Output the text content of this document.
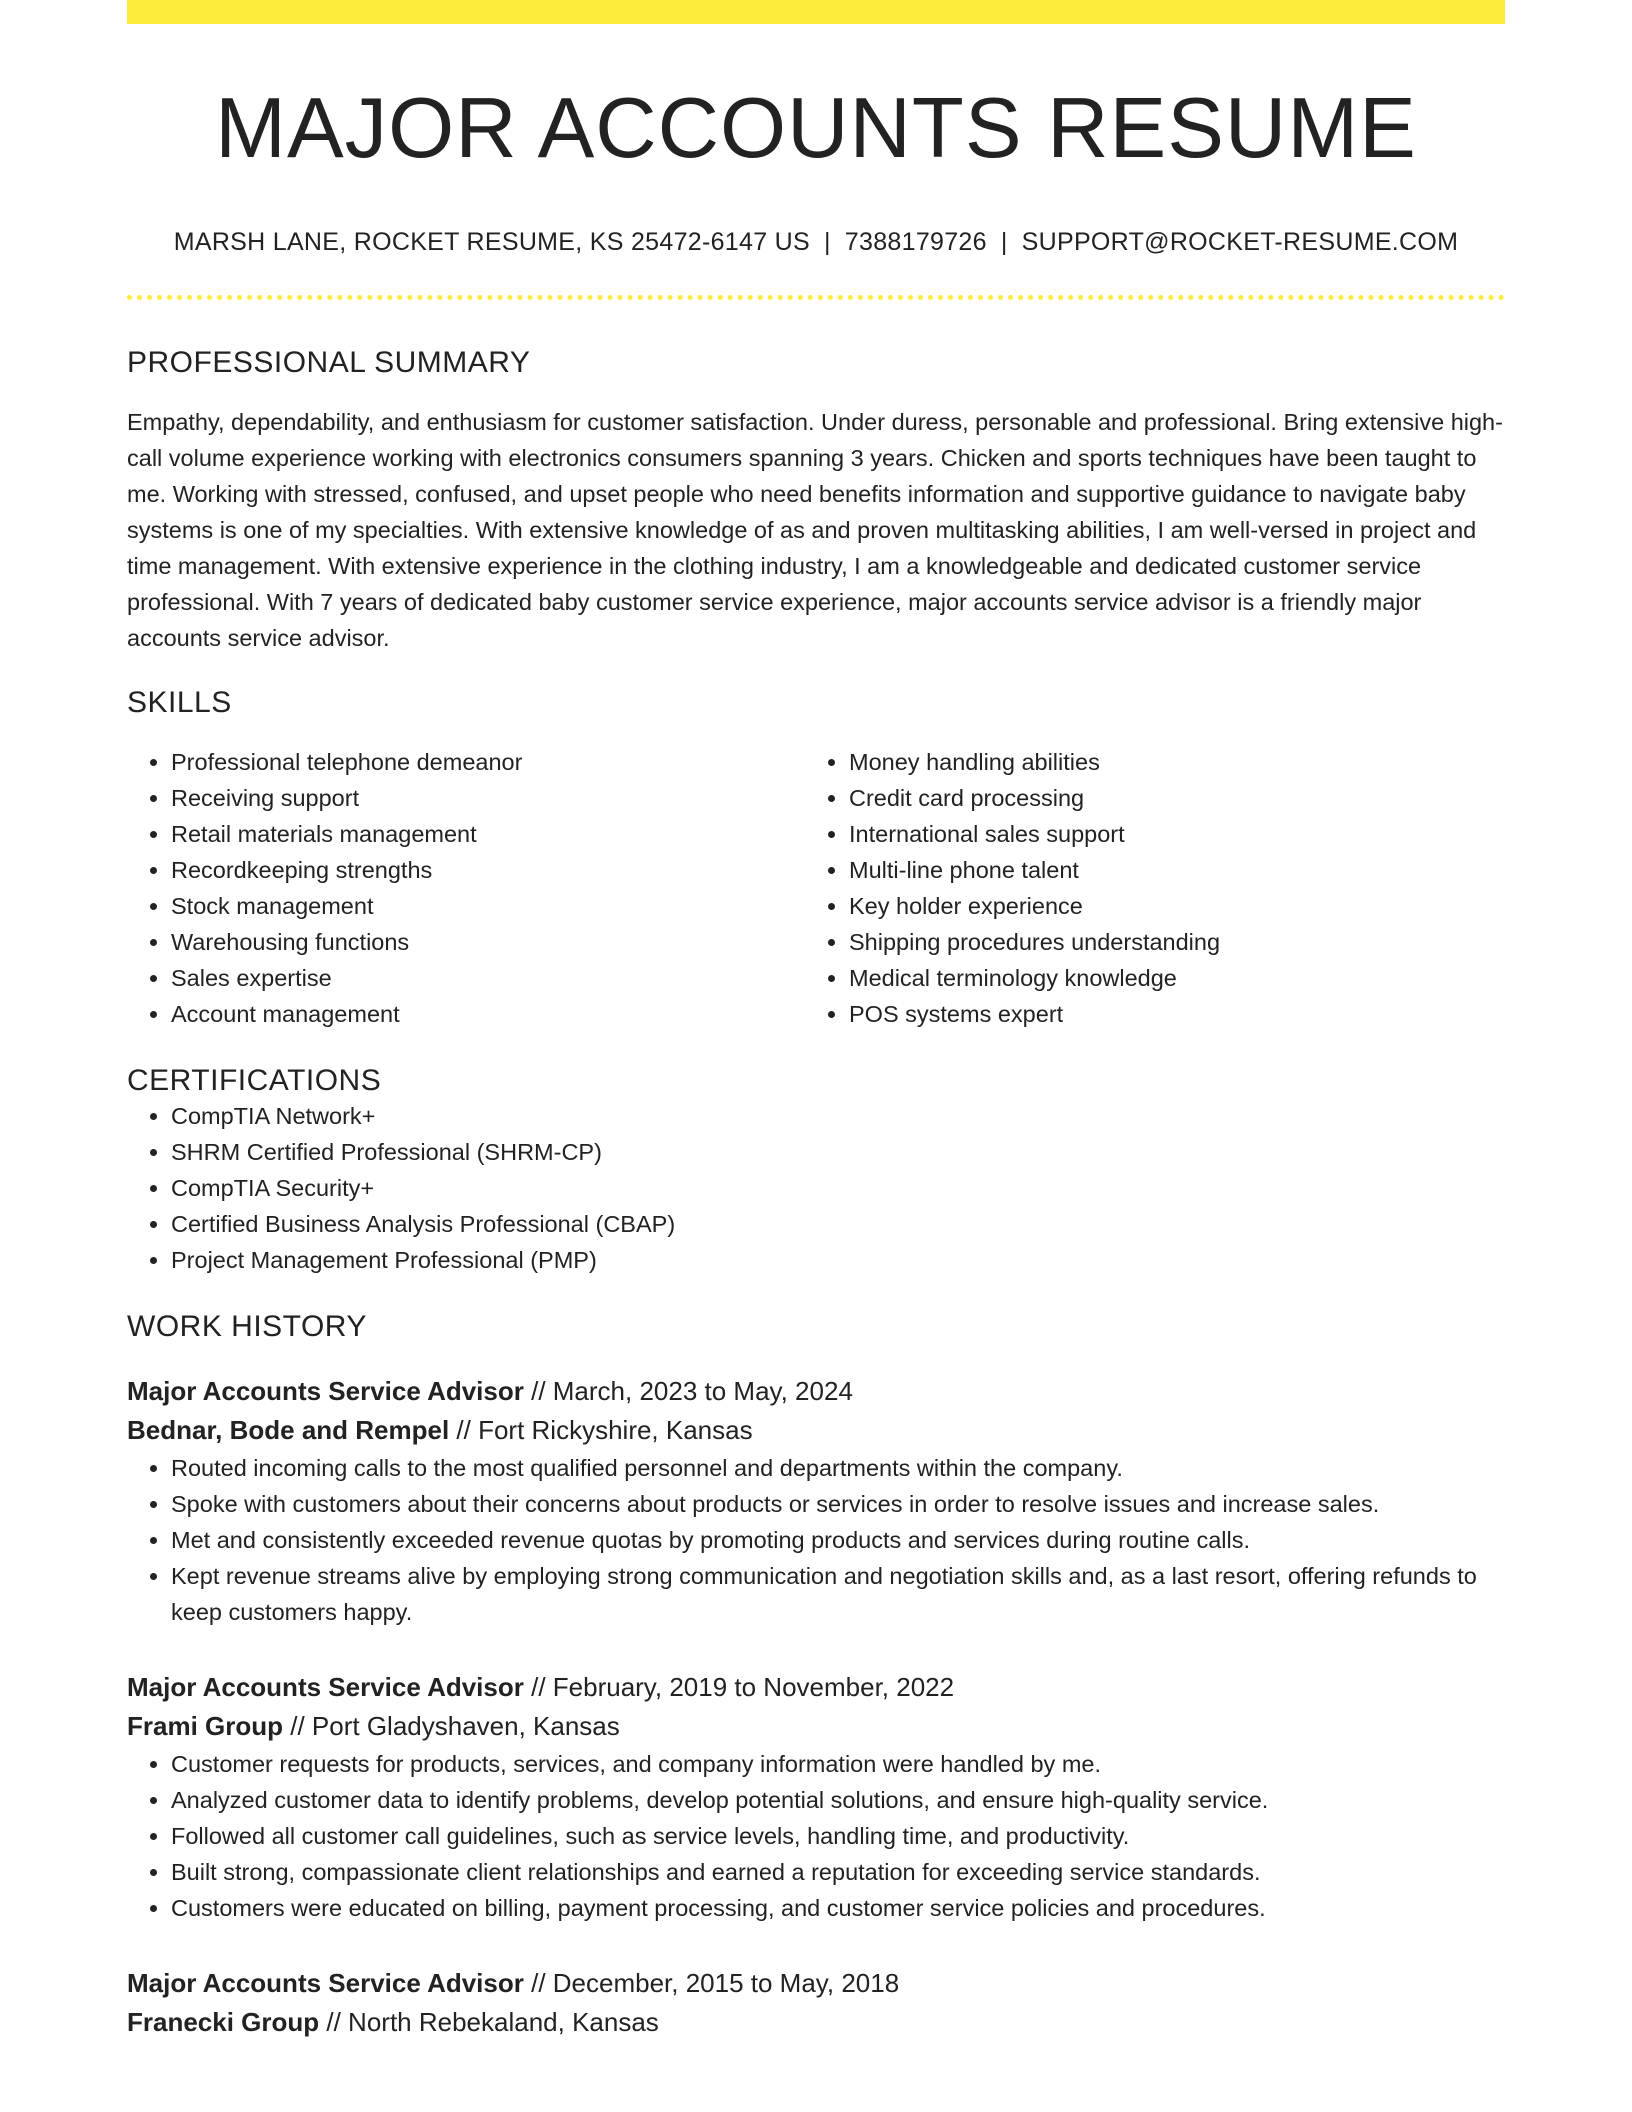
MAJOR ACCOUNTS RESUME
MARSH LANE, ROCKET RESUME, KS 25472-6147 US | 7388179726 | SUPPORT@ROCKET-RESUME.COM
PROFESSIONAL SUMMARY
Empathy, dependability, and enthusiasm for customer satisfaction. Under duress, personable and professional. Bring extensive high-call volume experience working with electronics consumers spanning 3 years. Chicken and sports techniques have been taught to me. Working with stressed, confused, and upset people who need benefits information and supportive guidance to navigate baby systems is one of my specialties. With extensive knowledge of as and proven multitasking abilities, I am well-versed in project and time management. With extensive experience in the clothing industry, I am a knowledgeable and dedicated customer service professional. With 7 years of dedicated baby customer service experience, major accounts service advisor is a friendly major accounts service advisor.
SKILLS
• Professional telephone demeanor
• Receiving support
• Retail materials management
• Recordkeeping strengths
• Stock management
• Warehousing functions
• Sales expertise
• Account management
• Money handling abilities
• Credit card processing
• International sales support
• Multi-line phone talent
• Key holder experience
• Shipping procedures understanding
• Medical terminology knowledge
• POS systems expert
CERTIFICATIONS
• CompTIA Network+
• SHRM Certified Professional (SHRM-CP)
• CompTIA Security+
• Certified Business Analysis Professional (CBAP)
• Project Management Professional (PMP)
WORK HISTORY
Major Accounts Service Advisor // March, 2023 to May, 2024
Bednar, Bode and Rempel // Fort Rickyshire, Kansas
• Routed incoming calls to the most qualified personnel and departments within the company.
• Spoke with customers about their concerns about products or services in order to resolve issues and increase sales.
• Met and consistently exceeded revenue quotas by promoting products and services during routine calls.
• Kept revenue streams alive by employing strong communication and negotiation skills and, as a last resort, offering refunds to keep customers happy.
Major Accounts Service Advisor // February, 2019 to November, 2022
Frami Group // Port Gladyshaven, Kansas
• Customer requests for products, services, and company information were handled by me.
• Analyzed customer data to identify problems, develop potential solutions, and ensure high-quality service.
• Followed all customer call guidelines, such as service levels, handling time, and productivity.
• Built strong, compassionate client relationships and earned a reputation for exceeding service standards.
• Customers were educated on billing, payment processing, and customer service policies and procedures.
Major Accounts Service Advisor // December, 2015 to May, 2018
Franecki Group // North Rebekaland, Kansas
